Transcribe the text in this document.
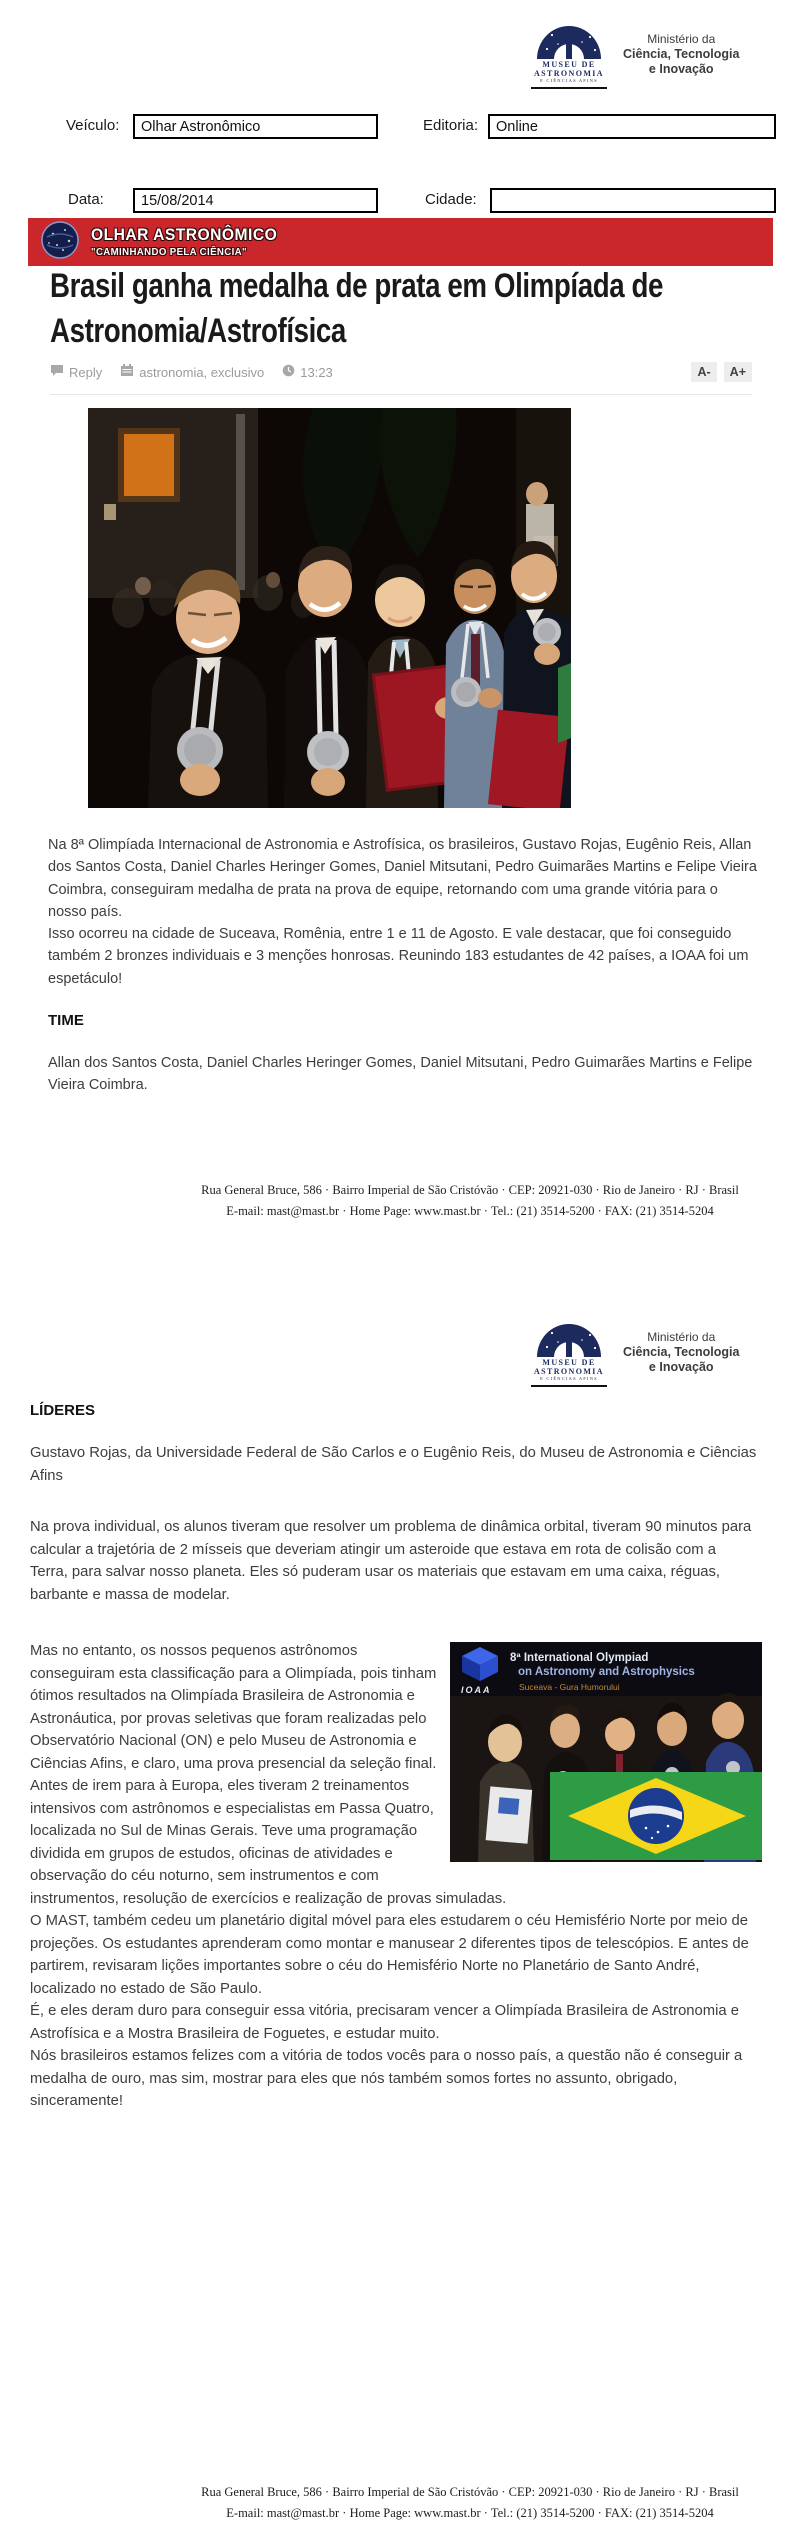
MUSEU DE
ASTRONOMIA
E CIÊNCIAS AFINS
Ministério da
Ciência, Tecnologia
e Inovação
Veículo:
Olhar Astronômico	Editoria:
Online
Data:
15/08/2014	Cidade:
OLHAR ASTRONÔMICO
"CAMINHANDO PELA CIÊNCIA"
Brasil ganha medalha de prata em Olimpíada de Astronomia/Astrofísica
Reply	astronomia, exclusivo	13:23	A-	A+

Na 8ª Olimpíada Internacional de Astronomia e Astrofísica, os brasileiros, Gustavo Rojas, Eugênio Reis, Allan dos Santos Costa, Daniel Charles Heringer Gomes, Daniel Mitsutani, Pedro Guimarães Martins e Felipe Vieira Coimbra, conseguiram medalha de prata na prova de equipe, retornando com uma grande vitória para o nosso país.

Isso ocorreu na cidade de Suceava, Romênia, entre 1 e 11 de Agosto. E vale destacar, que foi conseguido também 2 bronzes individuais e 3 menções honrosas. Reunindo 183 estudantes de 42 países, a IOAA foi um espetáculo!

TIME

Allan dos Santos Costa, Daniel Charles Heringer Gomes, Daniel Mitsutani, Pedro Guimarães Martins e Felipe Vieira Coimbra.

Rua General Bruce, 586 · Bairro Imperial de São Cristóvão · CEP: 20921-030 · Rio de Janeiro · RJ · Brasil
E-mail: mast@mast.br · Home Page: www.mast.br · Tel.: (21) 3514-5200 · FAX: (21) 3514-5204
MUSEU DE
ASTRONOMIA
E CIÊNCIAS AFINS
Ministério da
Ciência, Tecnologia
e Inovação
LÍDERES

Gustavo Rojas, da Universidade Federal de São Carlos e o Eugênio Reis, do Museu de Astronomia e Ciências Afins

Na prova individual, os alunos tiveram que resolver um problema de dinâmica orbital, tiveram 90 minutos para calcular a trajetória de 2 mísseis que deveriam atingir um asteroide que estava em rota de colisão com a Terra, para salvar nosso planeta. Eles só puderam usar os materiais que estavam em uma caixa, réguas, barbante e massa de modelar.

IOAA
8ª International Olympiad
on Astronomy and Astrophysics
Suceava - Gura Humorului

Mas no entanto, os nossos pequenos astrônomos conseguiram esta classificação para a Olimpíada, pois tinham ótimos resultados na Olimpíada Brasileira de Astronomia e Astronáutica, por provas seletivas que foram realizadas pelo Observatório Nacional (ON) e pelo Museu de Astronomia e Ciências Afins, e claro, uma prova presencial da seleção final.

Antes de irem para à Europa, eles tiveram 2 treinamentos intensivos com astrônomos e especialistas em Passa Quatro, localizada no Sul de Minas Gerais. Teve uma programação dividida em grupos de estudos, oficinas de atividades e observação do céu noturno, sem instrumentos e com instrumentos, resolução de exercícios e realização de provas simuladas.

O MAST, também cedeu um planetário digital móvel para eles estudarem o céu Hemisfério Norte por meio de projeções. Os estudantes aprenderam como montar e manusear 2 diferentes tipos de telescópios. E antes de partirem, revisaram lições importantes sobre o céu do Hemisfério Norte no Planetário de Santo André, localizado no estado de São Paulo.

É, e eles deram duro para conseguir essa vitória, precisaram vencer a Olimpíada Brasileira de Astronomia e Astrofísica e a Mostra Brasileira de Foguetes, e estudar muito.

Nós brasileiros estamos felizes com a vitória de todos vocês para o nosso país, a questão não é conseguir a medalha de ouro, mas sim, mostrar para eles que nós também somos fortes no assunto, obrigado, sinceramente!

Rua General Bruce, 586 · Bairro Imperial de São Cristóvão · CEP: 20921-030 · Rio de Janeiro · RJ · Brasil
E-mail: mast@mast.br · Home Page: www.mast.br · Tel.: (21) 3514-5200 · FAX: (21) 3514-5204
